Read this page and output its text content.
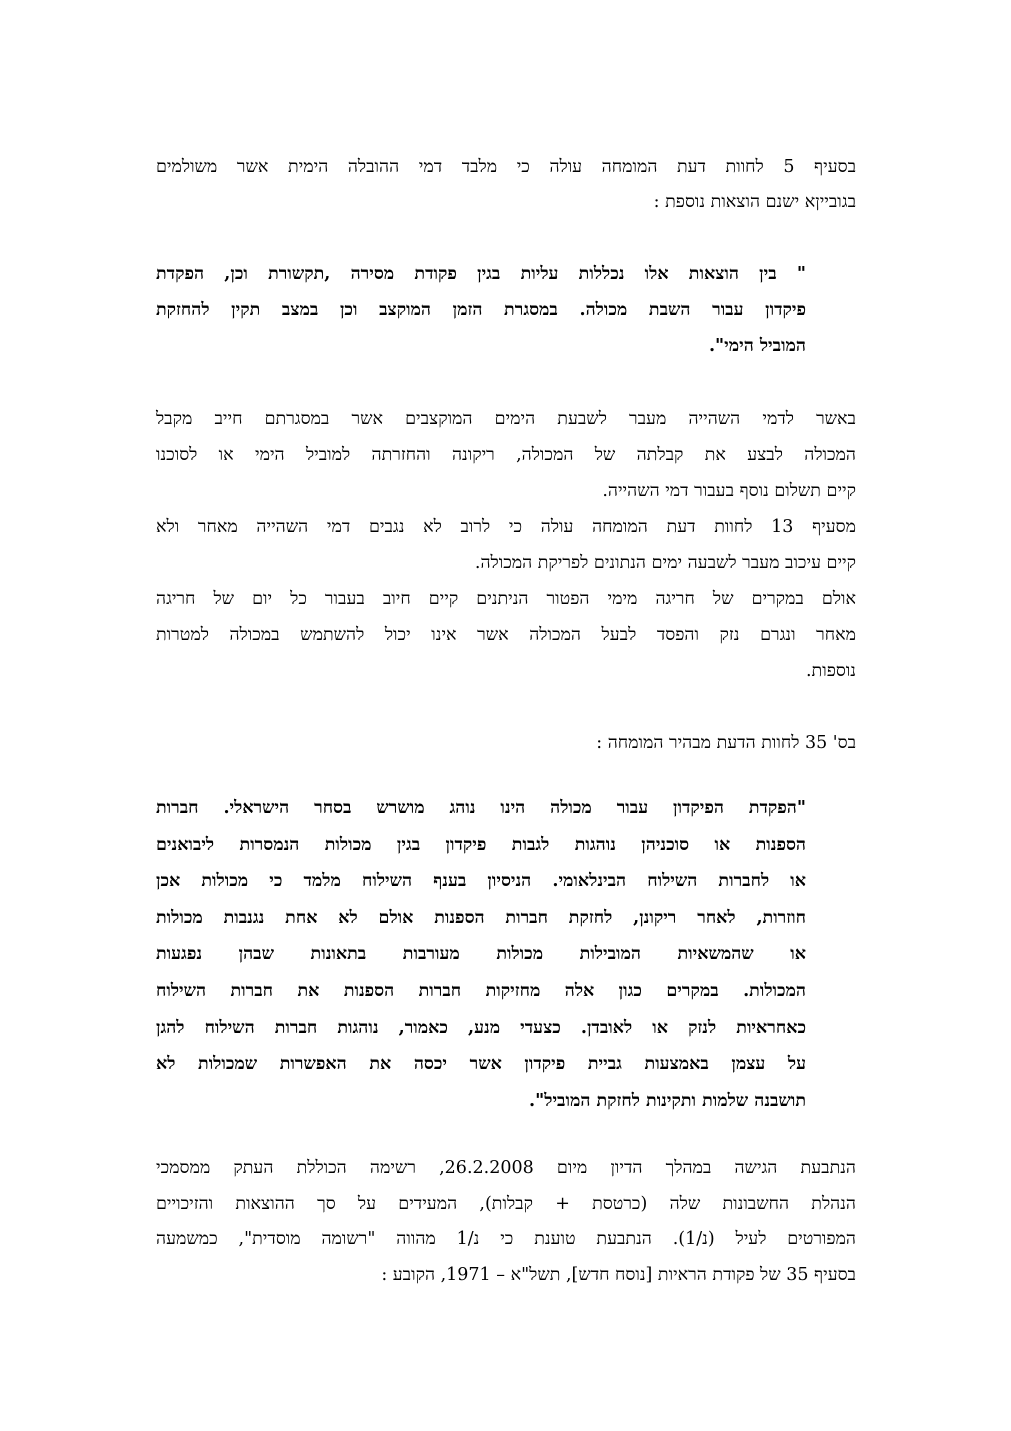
בסעיף 5 לחוות דעת המומחה עולה כי מלבד דמי ההובלה הימית אשר משולמים
בגובייןא ישנם הוצאות נוספת :
" בין הוצאות אלו נכללות עליות בגין פקודת מסירה ,תקשורת וכן, הפקדת
פיקדון עבור השבת מכולה. במסגרת הזמן המוקצב וכן במצב תקין להחזקת
המוביל הימי".
באשר לדמי השהייה מעבר לשבעת הימים המוקצבים אשר במסגרתם חייב מקבל
המכולה לבצע את קבלתה של המכולה, ריקונה והחזרתה למוביל הימי או לסוכנו
קיים תשלום נוסף בעבור דמי השהייה.
מסעיף 13 לחוות דעת המומחה עולה כי לרוב לא נגבים דמי השהייה מאחר ולא
קיים עיכוב מעבר לשבעה ימים הנתונים לפריקת המכולה.
אולם במקרים של חריגה מימי הפטור הניתנים קיים חיוב בעבור כל יום של חריגה
מאחר ונגרם נזק והפסד לבעל המכולה אשר אינו יכול להשתמש במכולה למטרות
נוספות.
בס' 35 לחוות הדעת מבהיר המומחה :
"הפקדת הפיקדון עבור מכולה הינו נוהג מושרש בסחר הישראלי. חברות
הספנות או סוכניהן נוהגות לגבות פיקדון בגין מכולות הנמסרות ליבואנים
או לחברות השילוח הבינלאומי. הניסיון בענף השילוח מלמד כי מכולות אכן
חוזרות, לאחר ריקונן, לחזקת חברות הספנות אולם לא אחת נגנבות מכולות
או שהמשאיות המובילות מכולות מעורבות בתאונות שבהן נפגעות
המכולות. במקרים כגון אלה מחזיקות חברות הספנות את חברות השילוח
כאחראיות לנזק או לאובדן. כצעדי מנע, כאמור, נוהגות חברות השילוח להגן
על עצמן באמצעות גביית פיקדון אשר יכסה את האפשרות שמכולות לא
תושבנה שלמות ותקינות לחזקת המוביל".
הנתבעת הגישה במהלך הדיון מיום 26.2.2008, רשימה הכוללת העתק ממסמכי
הנהלת החשבונות שלה (כרטסת + קבלות), המעידים על סך ההוצאות והזיכויים
המפורטים לעיל (נ/1). הנתבעת טוענת כי נ/1 מהווה "רשומה מוסדית", כמשמעה
בסעיף 35 של פקודת הראיות [נוסח חדש], תשל"א – 1971, הקובע :
